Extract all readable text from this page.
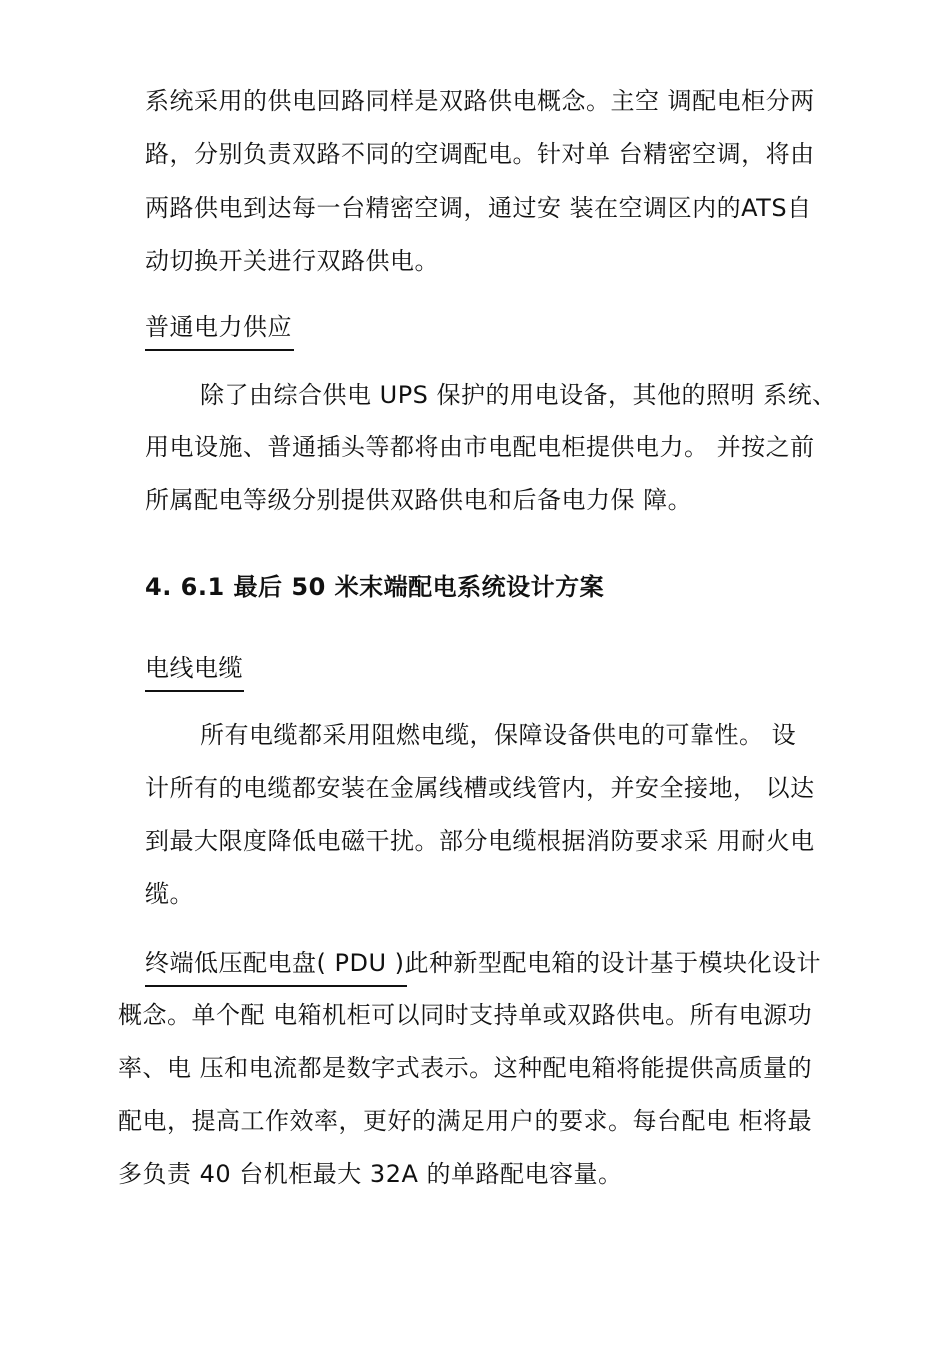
系统采用的供电回路同样是双路供电概念。主空 调配电柜分两
路，分别负责双路不同的空调配电。针对单 台精密空调，将由
两路供电到达每一台精密空调，通过安 装在空调区内的ATS自
动切换开关进行双路供电。
普通电力供应
除了由综合供电 UPS 保护的用电设备，其他的照明 系统、
用电设施、普通插头等都将由市电配电柜提供电力。 并按之前
所属配电等级分别提供双路供电和后备电力保 障。
4. 6.1 最后 50 米末端配电系统设计方案
电线电缆
所有电缆都采用阻燃电缆，保障设备供电的可靠性。 设
计所有的电缆都安装在金属线槽或线管内，并安全接地， 以达
到最大限度降低电磁干扰。部分电缆根据消防要求采 用耐火电
缆。
终端低压配电盘( PDU )此种新型配电箱的设计基于模块化设计
概念。单个配 电箱机柜可以同时支持单或双路供电。所有电源功
率、电 压和电流都是数字式表示。这种配电箱将能提供高质量的
配电，提高工作效率，更好的满足用户的要求。每台配电 柜将最
多负责 40 台机柜最大 32A 的单路配电容量。
